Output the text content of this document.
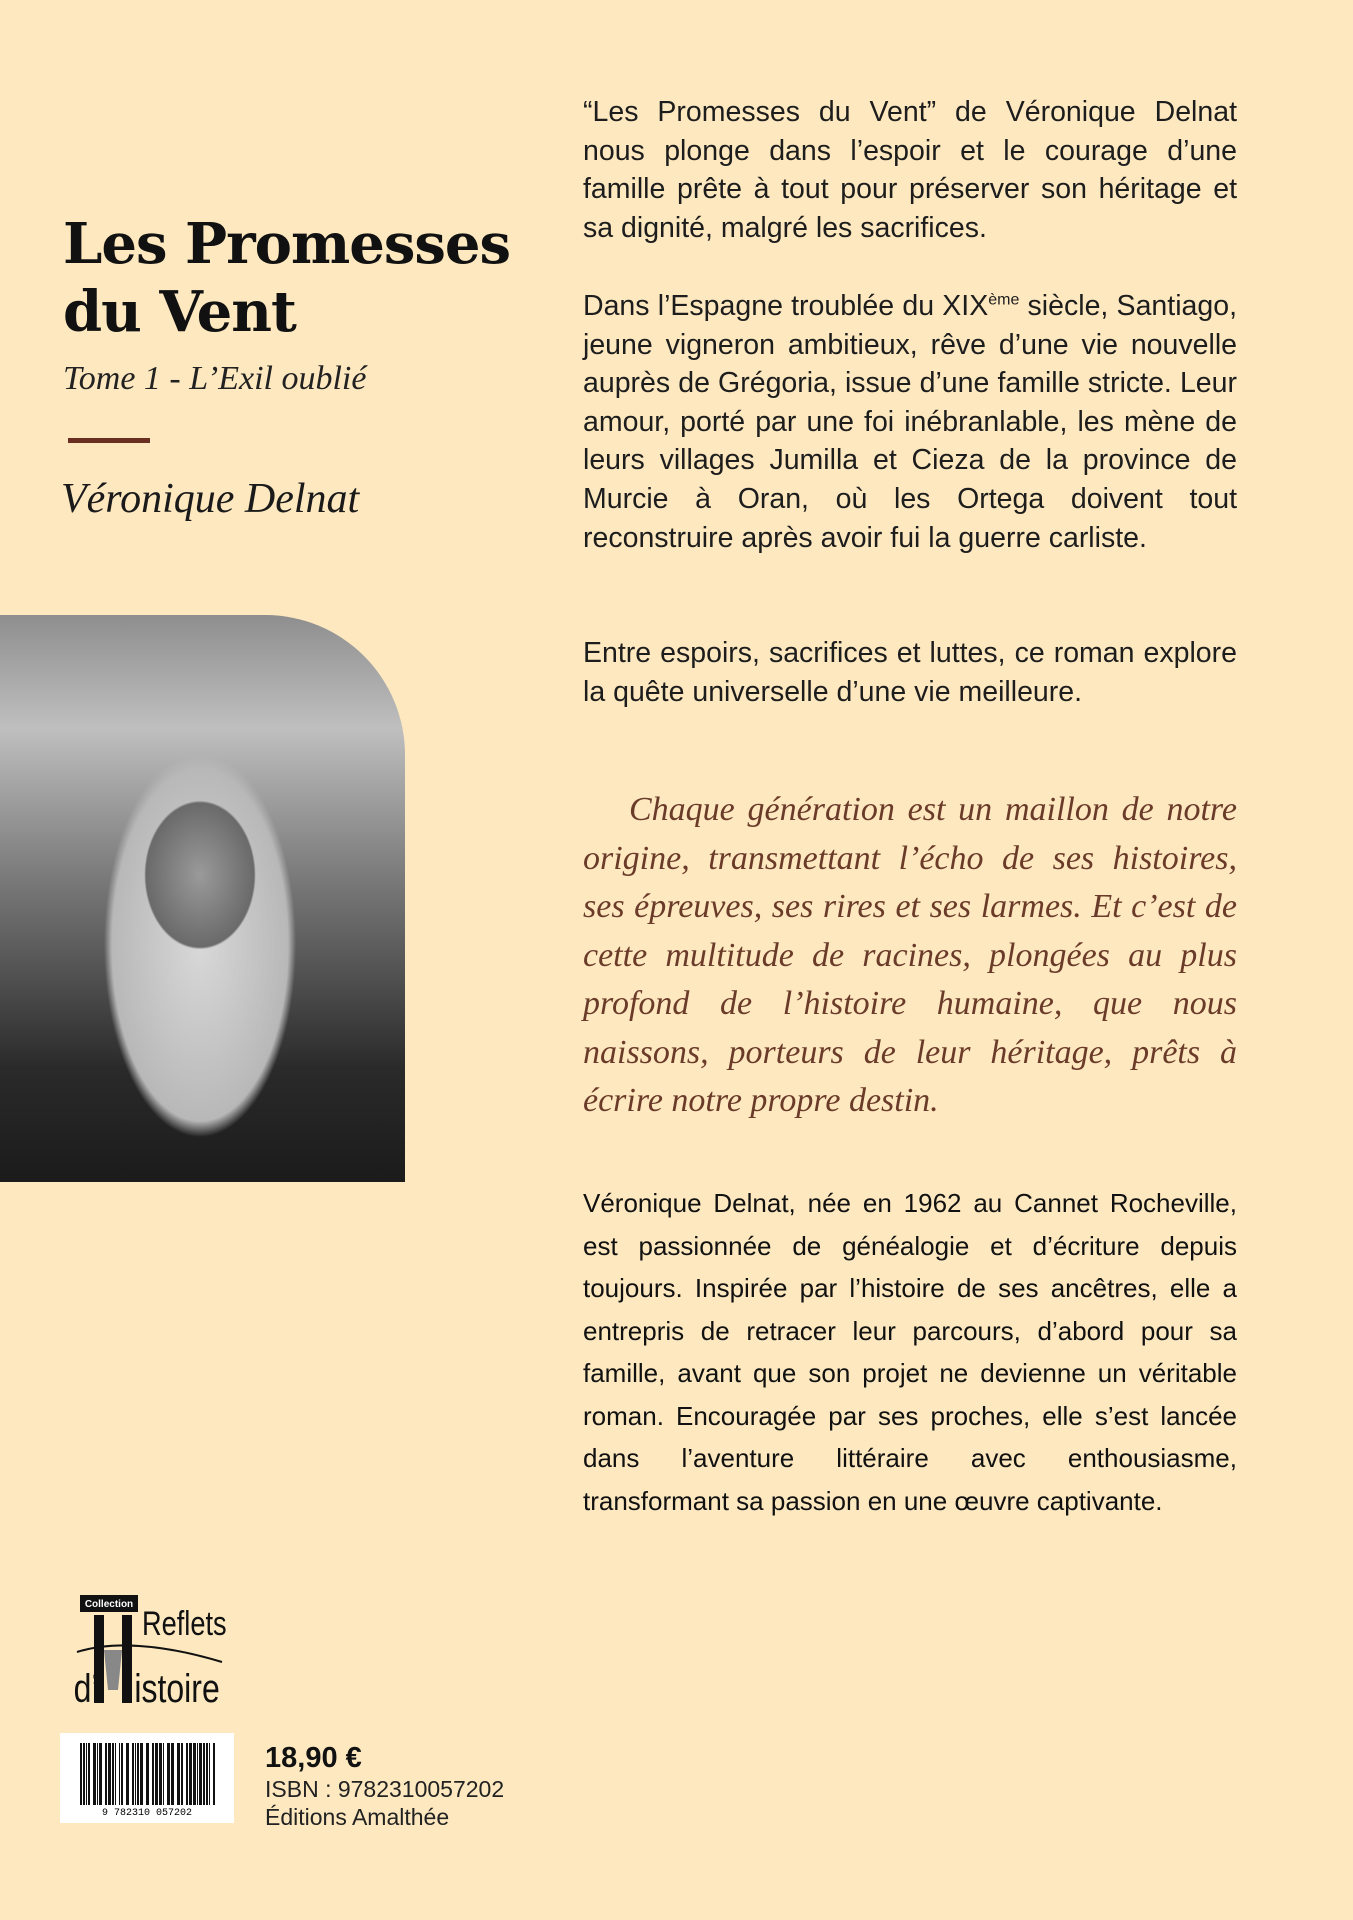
Les Promesses
du Vent
Tome 1 - L’Exil oublié
Véronique Delnat
“Les Promesses du Vent” de Véronique Delnat nous plonge dans l’espoir et le courage d’une famille prête à tout pour préserver son héritage et sa dignité, malgré les sacrifices.
Dans l’Espagne troublée du XIXème siècle, Santiago, jeune vigneron ambitieux, rêve d’une vie nouvelle auprès de Grégoria, issue d’une famille stricte. Leur amour, porté par une foi inébranlable, les mène de leurs villages Jumilla et Cieza de la province de Murcie à Oran, où les Ortega doivent tout reconstruire après avoir fui la guerre carliste.
Entre espoirs, sacrifices et luttes, ce roman explore la quête universelle d’une vie meilleure.
Chaque génération est un maillon de notre origine, transmettant l’écho de ses histoires, ses épreuves, ses rires et ses larmes. Et c’est de cette multitude de racines, plongées au plus profond de l’histoire humaine, que nous naissons, porteurs de leur héritage, prêts à écrire notre propre destin.
Véronique Delnat, née en 1962 au Cannet Rocheville, est passionnée de généalogie et d’écriture depuis toujours. Inspirée par l’histoire de ses ancêtres, elle a entrepris de retracer leur parcours, d’abord pour sa famille, avant que son projet ne devienne un véritable roman. Encouragée par ses proches, elle s’est lancée dans l’aventure littéraire avec enthousiasme, transformant sa passion en une œuvre captivante.
Collection Reflets
d’ istoire
9 782310 057202
18,90 €
ISBN : 9782310057202
Éditions Amalthée
